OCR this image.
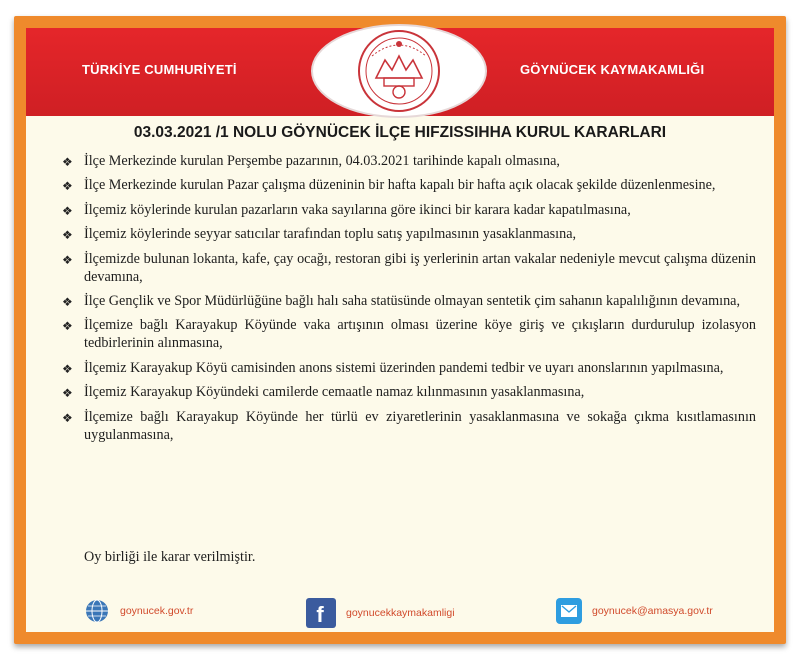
TÜRKİYE CUMHURİYETİ	GÖYNÜCEK KAYMAKAMLIĞI
03.03.2021 /1 NOLU GÖYNÜCEK İLÇE HIFZISSIHHA KURUL KARARLARI
❖ İlçe Merkezinde kurulan Perşembe pazarının, 04.03.2021 tarihinde kapalı olmasına,
❖ İlçe Merkezinde kurulan Pazar çalışma düzeninin bir hafta kapalı bir hafta açık olacak şekilde düzenlenmesine,
❖ İlçemiz köylerinde kurulan pazarların vaka sayılarına göre ikinci bir karara kadar kapatılmasına,
❖ İlçemiz köylerinde seyyar satıcılar tarafından toplu satış yapılmasının yasaklanmasına,
❖ İlçemizde bulunan lokanta, kafe, çay ocağı, restoran gibi iş yerlerinin artan vakalar nedeniyle mevcut çalışma düzenin devamına,
❖ İlçe Gençlik ve Spor Müdürlüğüne bağlı halı saha statüsünde olmayan sentetik çim sahanın kapalılığının devamına,
❖ İlçemize bağlı Karayakup Köyünde vaka artışının olması üzerine köye giriş ve çıkışların durdurulup izolasyon tedbirlerinin alınmasına,
❖ İlçemiz Karayakup Köyü camisinden anons sistemi üzerinden pandemi tedbir ve uyarı anonslarının yapılmasına,
❖ İlçemiz Karayakup Köyündeki camilerde cemaatle namaz kılınmasının yasaklanmasına,
❖ İlçemize bağlı Karayakup Köyünde her türlü ev ziyaretlerinin yasaklanmasına ve sokağa çıkma kısıtlamasının uygulanmasına,
Oy birliği ile karar verilmiştir.
goynucek.gov.tr	f	goynucekkaymakamligi	goynucek@amasya.gov.tr
